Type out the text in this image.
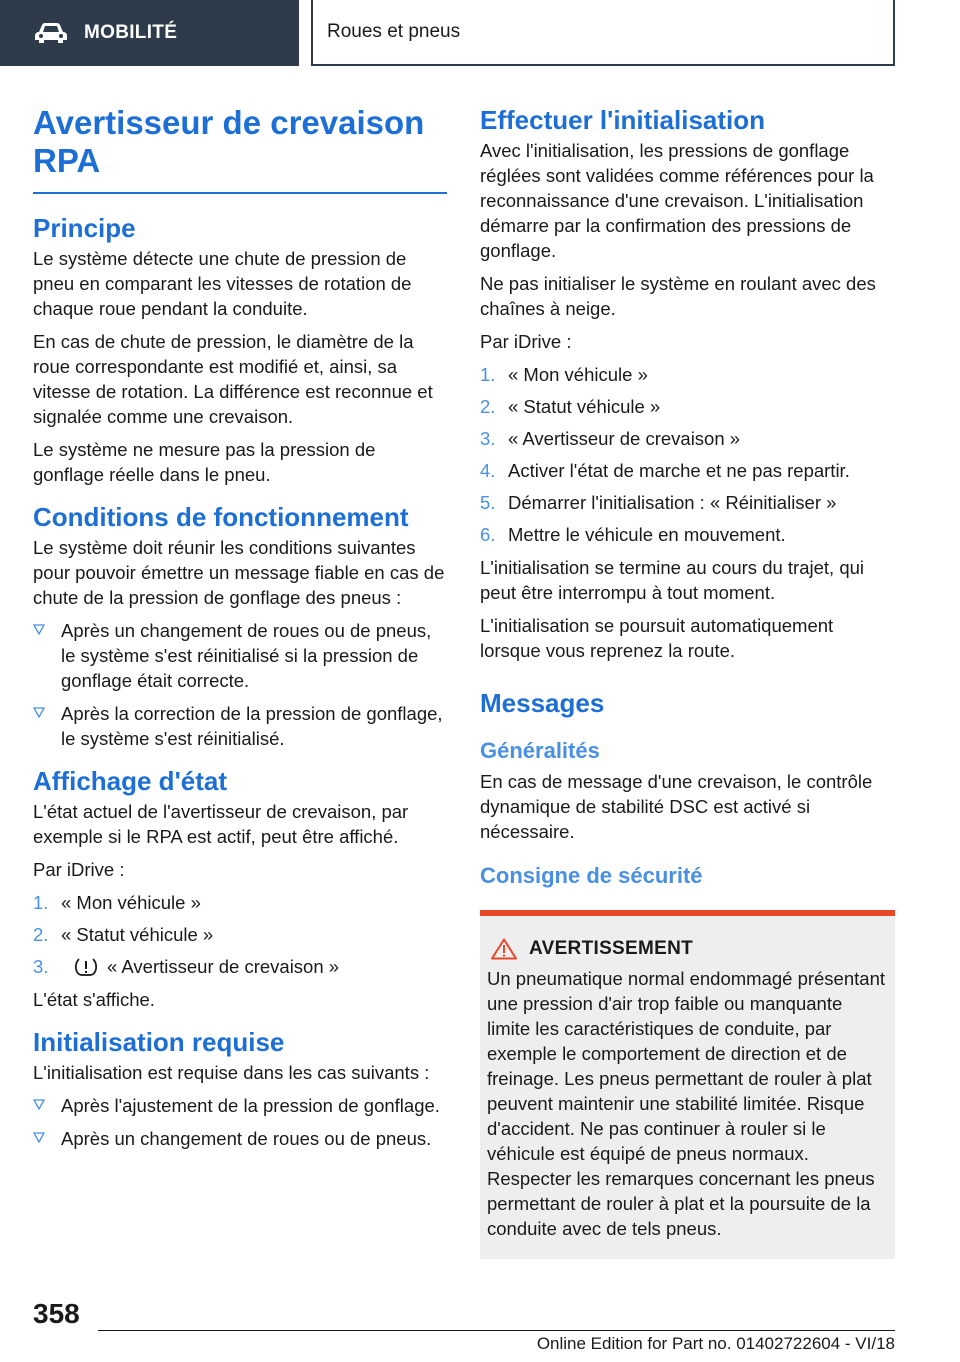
MOBILITÉ	Roues et pneus
Avertisseur de crevaison RPA
Principe

Le système détecte une chute de pression de pneu en comparant les vitesses de rotation de chaque roue pendant la conduite.

En cas de chute de pression, le diamètre de la roue correspondante est modifié et, ainsi, sa vitesse de rotation. La différence est reconnue et signalée comme une crevaison.

Le système ne mesure pas la pression de gonflage réelle dans le pneu.

Conditions de fonctionnement

Le système doit réunir les conditions suivantes pour pouvoir émettre un message fiable en cas de chute de la pression de gonflage des pneus :

Après un changement de roues ou de pneus, le système s'est réinitialisé si la pression de gonflage était correcte.
Après la correction de la pression de gonflage, le système s'est réinitialisé.
Affichage d'état

L'état actuel de l'avertisseur de crevaison, par exemple si le RPA est actif, peut être affiché.

Par iDrive :

1. « Mon véhicule »
2. « Statut véhicule »
3.	« Avertisseur de crevaison »

L'état s'affiche.

Initialisation requise

L'initialisation est requise dans les cas suivants :

Après l'ajustement de la pression de gonflage.
Après un changement de roues ou de pneus.
Effectuer l'initialisation

Avec l'initialisation, les pressions de gonflage réglées sont validées comme références pour la reconnaissance d'une crevaison. L'initialisation démarre par la confirmation des pressions de gonflage.

Ne pas initialiser le système en roulant avec des chaînes à neige.

Par iDrive :

1. « Mon véhicule »
2. « Statut véhicule »
3. « Avertisseur de crevaison »
4. Activer l'état de marche et ne pas repartir.
5. Démarrer l'initialisation : « Réinitialiser »
6. Mettre le véhicule en mouvement.

L'initialisation se termine au cours du trajet, qui peut être interrompu à tout moment.

L'initialisation se poursuit automatiquement lorsque vous reprenez la route.

Messages
Généralités

En cas de message d'une crevaison, le contrôle dynamique de stabilité DSC est activé si nécessaire.

Consigne de sécurité
AVERTISSEMENT

Un pneumatique normal endommagé présentant une pression d'air trop faible ou manquante limite les caractéristiques de conduite, par exemple le comportement de direction et de freinage. Les pneus permettant de rouler à plat peuvent maintenir une stabilité limitée. Risque d'accident. Ne pas continuer à rouler si le véhicule est équipé de pneus normaux. Respecter les remarques concernant les pneus permettant de rouler à plat et la poursuite de la conduite avec de tels pneus.

358
Online Edition for Part no. 01402722604 - VI/18
